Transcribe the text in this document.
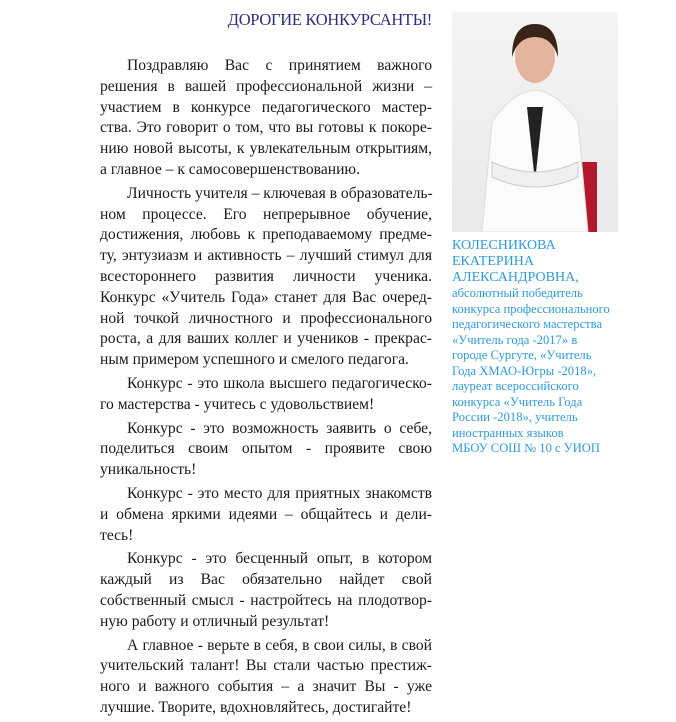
ДОРОГИЕ КОНКУРСАНТЫ!
Поздравляю Вас с принятием важного
решения в вашей профессиональной жизни –
участием в конкурсе педагогического мастер-
ства. Это говорит о том, что вы готовы к покоре-
нию новой высоты, к увлекательным открытиям,
а главное – к самосовершенствованию.
Личность учителя – ключевая в образователь-
ном процессе. Его непрерывное обучение,
достижения, любовь к преподаваемому предме-
ту, энтузиазм и активность – лучший стимул для
всестороннего развития личности ученика.
Конкурс «Учитель Года» станет для Вас очеред-
ной точкой личностного и профессионального
роста, а для ваших коллег и учеников - прекрас-
ным примером успешного и смелого педагога.
Конкурс - это школа высшего педагогическо-
го мастерства - учитесь с удовольствием!
Конкурс - это возможность заявить о себе,
поделиться своим опытом - проявите свою
уникальность!
Конкурс - это место для приятных знакомств
и обмена яркими идеями – общайтесь и дели-
тесь!
Конкурс - это бесценный опыт, в котором
каждый из Вас обязательно найдет свой
собственный смысл - настройтесь на плодотвор-
ную работу и отличный результат!
А главное - верьте в себя, в свои силы, в свой
учительский талант! Вы стали частью престиж-
ного и важного события – а значит Вы - уже
лучшие. Творите, вдохновляйтесь, достигайте!
КОЛЕСНИКОВА
ЕКАТЕРИНА
АЛЕКСАНДРОВНА,
абсолютный победитель
конкурса профессионального
педагогического мастерства
«Учитель года -2017» в
городе Сургуте, «Учитель
Года ХМАО-Югры -2018»,
лауреат всероссийского
конкурса «Учитель Года
России -2018», учитель
иностранных языков
МБОУ СОШ № 10 с УИОП
